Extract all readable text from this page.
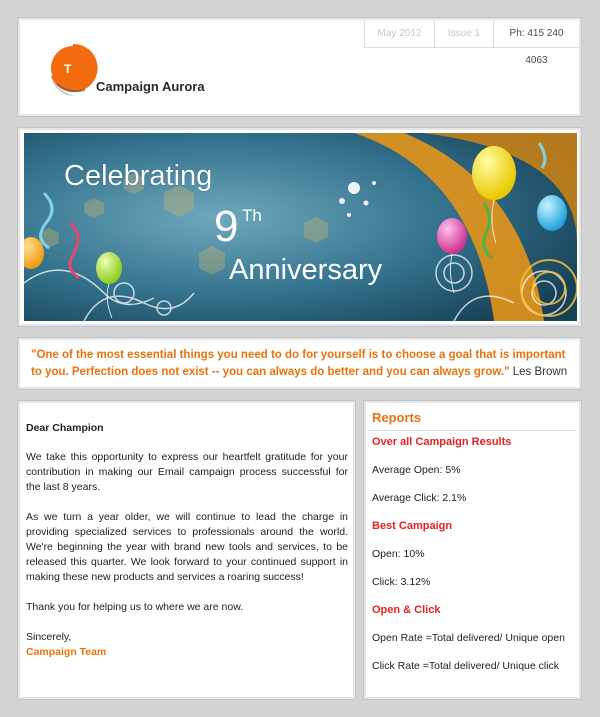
T
Campaign Aurora
May 2012	Issue 1	Ph: 415 240 4063
Celebrating
9 Th
Anniversary

"One of the most essential things you need to do for yourself is to choose a goal that is important to you. Perfection does not exist -- you can always do better and you can always grow." Les Brown

Dear Champion

We take this opportunity to express our heartfelt gratitude for your contribution in making our Email campaign process successful for the last 8 years.

As we turn a year older, we will continue to lead the charge in providing specialized services to professionals around the world. We're beginning the year with brand new tools and services, to be released this quarter. We look forward to your continued support in making these new products and services a roaring success!

Thank you for helping us to where we are now.

Sincerely,
Campaign Team
Reports
Over all Campaign Results
Average Open: 5%
Average Click: 2.1%
Best Campaign
Open: 10%
Click: 3.12%
Open & Click
Open Rate =Total delivered/ Unique open
Click Rate =Total delivered/ Unique click
